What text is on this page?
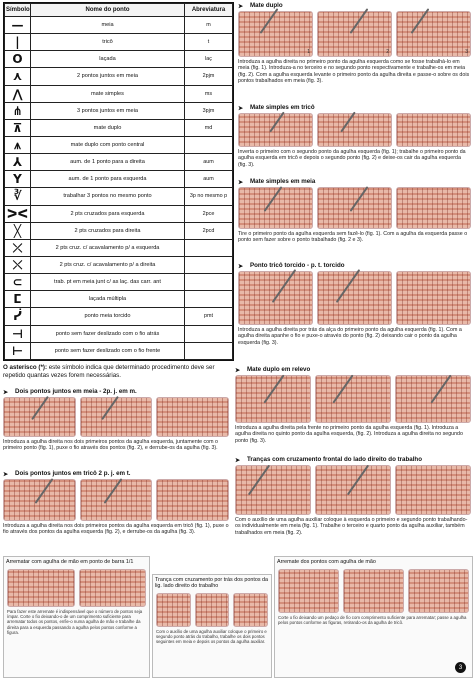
Símbolo	Nome do ponto	Abreviatura
—	meia	m
|	tricô	t
O	laçada	laç
⋏	2 pontos juntos em meia	2pjm
⋀	mate simples	ms
⋔	3 pontos juntos em meia	3pjm
⊼	mate duplo	md
⩚	mate duplo com ponto central	
⅄	aum. de 1 ponto para a direita	aum
Y	aum. de 1 ponto para esquerda	aum
∛	trabalhar 3 pontos no mesmo ponto	3p no mesmo p
ᐳᐸ	2 pts cruzados para esquerda	2pce
╳	2 pts cruzados para direita	2pcd
⤫	2 pts cruz. c/ acavalamento p/ a esquerda	
⤬	2 pts cruz. c/ acavalamento p/ a direita	
⊂	trab. pt em meia junt c/ as laç. das carr. ant	
ⵎ	laçada múltipla	
ᓰ	ponto meia torcido	pmt
⊣	ponto sem fazer deslizado com o fio atrás	
⊢	ponto sem fazer deslizado com o fio frente	
O asterisco (*): este símbolo indica que determinado procedimento deve ser repetido quantas vezes forem necessárias.
➤	Mate duplo
1	2	3
Introduza a agulha direita no primeiro ponto da agulha esquerda como se fosse trabalhá-lo em meia (fig. 1). Introduza-a no terceiro e no segundo ponto respectivamente e trabalhe-os em meia (fig. 2). Com a agulha esquerda levante o primeiro ponto da agulha direita e passe-o sobre os dois pontos trabalhados em meia (fig. 3).
➤	Mate simples em tricô
Inverta o primeiro com o segundo ponto da agulha esquerda (fig. 1); trabalhe o primeiro ponto da agulha esquerda em tricô e depois o segundo ponto (fig. 2) e deixe-os cair da agulha esquerda (fig. 3).
➤	Mate simples em meia
Tire o primeiro ponto da agulha esquerda sem fazê-lo (fig. 1). Com a agulha da esquerda passe o ponto sem fazer sobre o ponto trabalhado (fig. 2 e 3).
➤	Ponto tricô torcido - p. t. torcido
Introduza a agulha direita por trás da alça do primeiro ponto da agulha esquerda (fig. 1). Com a agulha direita apanhe o fio e puxe-o através do ponto (fig. 2) deixando cair o ponto da agulha esquerda (fig. 3).
➤	Dois pontos juntos em meia - 2p. j. em m.
Introduza a agulha direita nos dois primeiros pontos da agulha esquerda, juntamente com o primeiro ponto (fig. 1), puxe o fio através dos pontos (fig. 2), e derrube-os da agulha (fig. 3).
➤	Dois pontos juntos em tricô 2 p. j. em t.
Introduza a agulha direita nos dois primeiros pontos da agulha esquerda em tricô (fig. 1), puxe o fio através dos pontos da agulha esquerda (fig. 2), e derrube-os da agulha (fig. 3).
➤	Mate duplo em relevo
Introduza a agulha direita pela frente no primeiro ponto da agulha esquerda (fig. 1). Introduza a agulha direita no quinto ponto da agulha esquerda, (fig. 2). Introduza a agulha direita no segundo ponto (fig. 3).
➤	Tranças com cruzamento frontal do lado direito do trabalho
Com o auxílio de uma agulha auxiliar coloque à esquerda o primeiro e segundo ponto trabalhando-os individualmente em meia (fig. 1). Trabalhe o terceiro e quarto ponto da agulha auxiliar, também trabalhados em meia (fig. 2).
Arrematar com agulha de mão em ponto de barra 1/1
Para fazer este arremate é indispensável que o número de pontos seja ímpar. Corte o fio deixando-o de um comprimento suficiente para arrematar todos os pontos, enfie-o numa agulha de mão e trabalhe da direita para a esquerda passando a agulha pelos pontos conforme a figura.
Trança com cruzamento por trás dos pontos da lig. lado direito do trabalho
Com o auxílio de uma agulha auxiliar coloque o primeiro e segundo ponto atrás do trabalho, trabalhe os dois pontos seguintes em meia e depois os pontos da agulha auxiliar.
Arremate dos pontos com agulha de mão
Corte o fio deixando um pedaço de fio com comprimento suficiente para arrematar; passe a agulha pelos pontos conforme as figuras, retirando-os da agulha de tricô.
3
